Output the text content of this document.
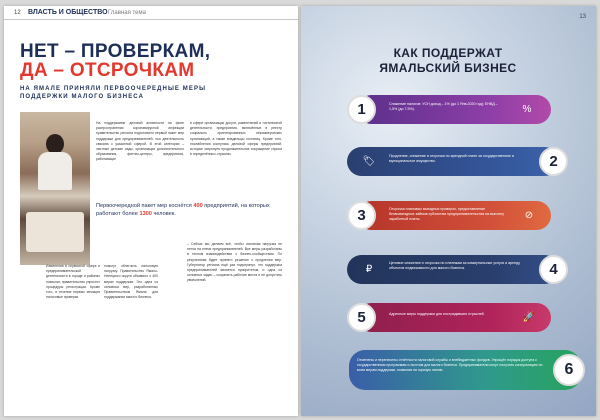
12 ВЛАСТЬ И ОБЩЕСТВО Главная тема
НЕТ – ПРОВЕРКАМ,
ДА – ОТСРОЧКАМ
НА ЯМАЛЕ ПРИНЯЛИ ПЕРВООЧЕРЕДНЫЕ МЕРЫ ПОДДЕРЖКИ МАЛОГО БИЗНЕСА
На поддержание деловой активности на фоне распространения коронавирусной инфекции правительство региона подготовило первый пакет мер поддержки для предпринимателей, чья деятельность связана с указанной сферой. В этой категории – частные детские сады, организации дополнительного образования, фитнес-центры, предприятия, работающие
в сфере организации досуга, развлечений и гостиничной деятельности, предприятия, включённые в реестр социально ориентированных некоммерческих организаций, а также владельцы гостиниц. Кроме того, послабления коснулись деловой сферы предприятий, которые затронуло продолжительное сокращение спроса в определённых отраслях.
Первоочередной пакет мер коснётся 400 предприятий, на которых работают более 1300 человек.
Изменения в сервисной сфере и предпринимательской деятельности в городе и районах позволят, правительство упростит процедуры регистрации. Кроме того, в течение первых месяцев налоговые проверки.
помогут облегчить налоговую нагрузку. Правительство Ямало-Ненецкого округа объявило о 400 мерах поддержки. Это одна из основных мер, разработанных Правительством Ямала для поддержания малого бизнеса.
– Сейчас мы делаем всё, чтобы основная нагрузка не легла на плечи предпринимателей. Все меры разработаны в тесном взаимодействии с бизнес-сообществом. По результатам будет принято решение о продлении мер. Губернатор региона ещё раз подчеркнул, что поддержка предпринимателей является приоритетом, и одна из основных задач – сохранить рабочие места и не допустить увольнений.
13
КАК ПОДДЕРЖАТ ЯМАЛЬСКИЙ БИЗНЕС
1	Снижение налогов: УСН доход – 1% (до 1 Янв.2020 год); ЕНВД – 1,5% (до 7.5%).	%
2
🏷	Продление, снижение и отсрочка по арендной плате за государственное и муниципальное имущество.
3	Отсрочка плановых выездных проверок, предоставление безвозмездных займов субъектам предпринимательства на выплату заработной платы.	⊘
4
₽
Ценовое снижение и отсрочка по платежам за коммунальные услуги и аренду объектов недвижимости для малого бизнеса.
5	Адресные меры поддержки для пострадавших отраслей.	🚀
Отменены и перенесены отчётности налоговой службы и внебюджетных фондов. Упрощён порядок доступа к государственным программам и льготам для малого бизнеса. Предприниматели могут получить консультацию по всем мерам поддержки, позвонив на горячую линию.	6
